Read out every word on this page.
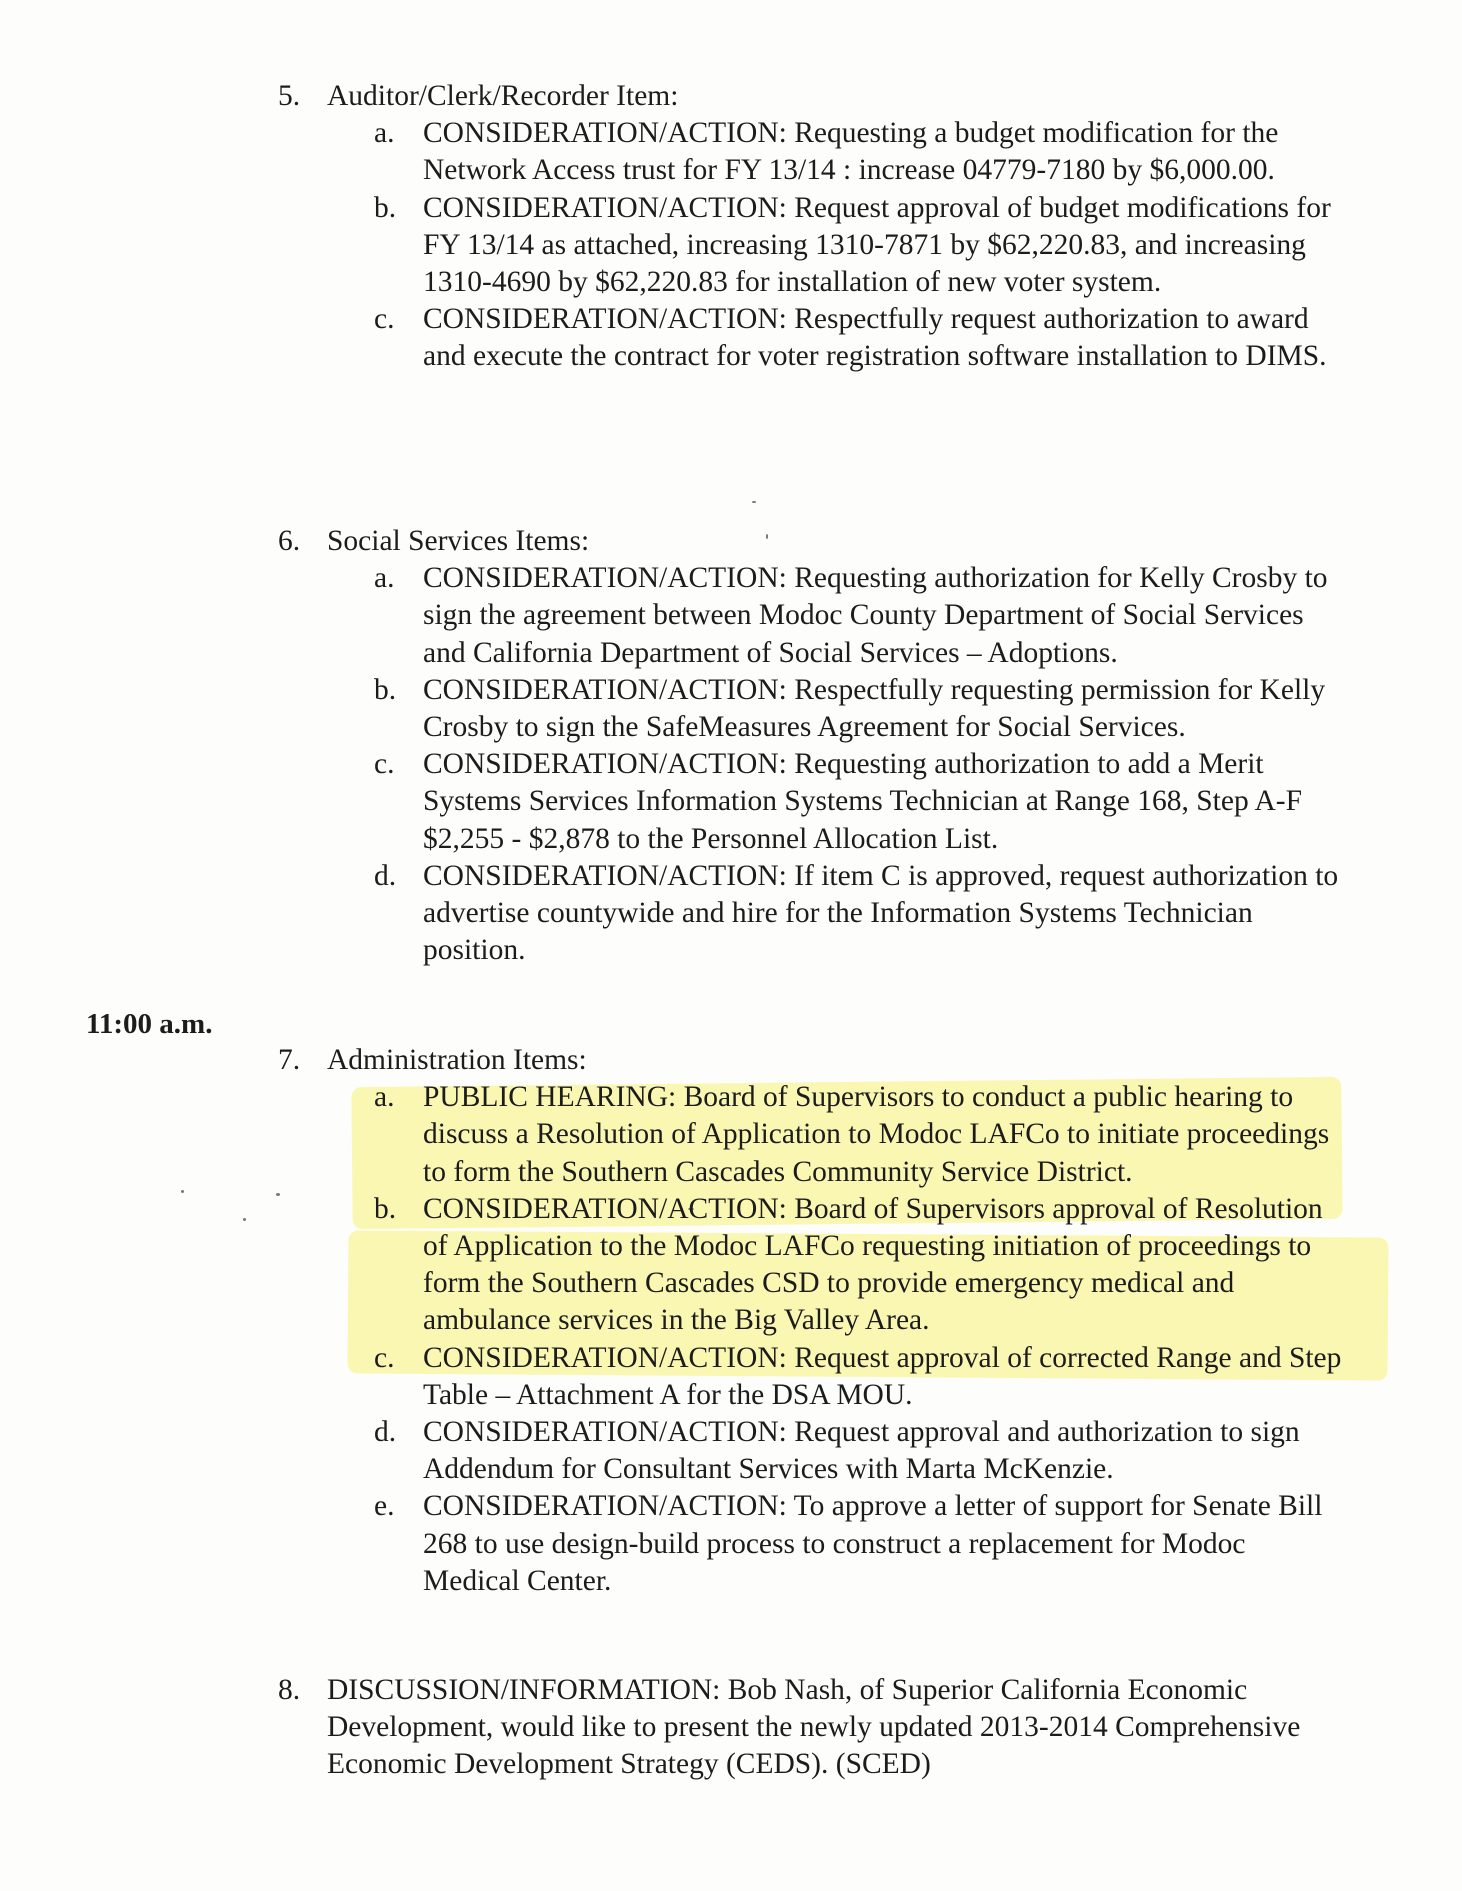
11:00 a.m.
5. Auditor/Clerk/Recorder Item:
a. CONSIDERATION/ACTION: Requesting a budget modification for the Network Access trust for FY 13/14 : increase 04779-7180 by $6,000.00.
b. CONSIDERATION/ACTION: Request approval of budget modifications for FY 13/14 as attached, increasing 1310-7871 by $62,220.83, and increasing 1310-4690 by $62,220.83 for installation of new voter system.
c. CONSIDERATION/ACTION: Respectfully request authorization to award and execute the contract for voter registration software installation to DIMS.
6. Social Services Items:
a. CONSIDERATION/ACTION: Requesting authorization for Kelly Crosby to sign the agreement between Modoc County Department of Social Services and California Department of Social Services – Adoptions.
b. CONSIDERATION/ACTION: Respectfully requesting permission for Kelly Crosby to sign the SafeMeasures Agreement for Social Services.
c. CONSIDERATION/ACTION: Requesting authorization to add a Merit Systems Services Information Systems Technician at Range 168, Step A-F $2,255 - $2,878 to the Personnel Allocation List.
d. CONSIDERATION/ACTION: If item C is approved, request authorization to advertise countywide and hire for the Information Systems Technician position.
7. Administration Items:
a. PUBLIC HEARING: Board of Supervisors to conduct a public hearing to discuss a Resolution of Application to Modoc LAFCo to initiate proceedings to form the Southern Cascades Community Service District.
b. CONSIDERATION/ACTION: Board of Supervisors approval of Resolution of Application to the Modoc LAFCo requesting initiation of proceedings to form the Southern Cascades CSD to provide emergency medical and ambulance services in the Big Valley Area.
c. CONSIDERATION/ACTION: Request approval of corrected Range and Step Table – Attachment A for the DSA MOU.
d. CONSIDERATION/ACTION: Request approval and authorization to sign Addendum for Consultant Services with Marta McKenzie.
e. CONSIDERATION/ACTION: To approve a letter of support for Senate Bill 268 to use design-build process to construct a replacement for Modoc Medical Center.
8. DISCUSSION/INFORMATION: Bob Nash, of Superior California Economic Development, would like to present the newly updated 2013-2014 Comprehensive Economic Development Strategy (CEDS). (SCED)
